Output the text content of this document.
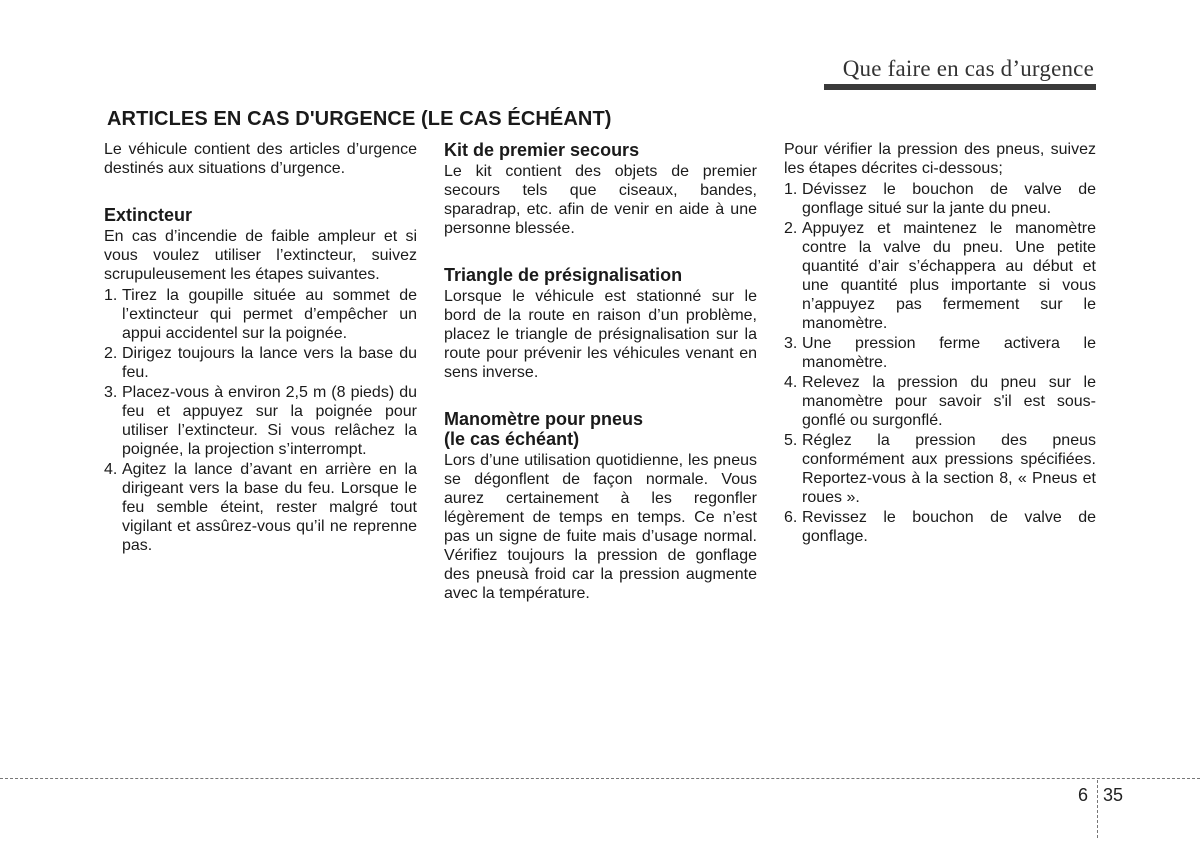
Que faire en cas d’urgence
ARTICLES EN CAS D'URGENCE (LE CAS ÉCHÉANT)

Le véhicule contient des articles d’urgence destinés aux situations d’urgence.

Extincteur

En cas d’incendie de faible ampleur et si vous voulez utiliser l’extincteur, suivez scrupuleusement les étapes suivantes.

1. Tirez la goupille située au sommet de l’extincteur qui permet d’empêcher un appui accidentel sur la poignée.
2. Dirigez toujours la lance vers la base du feu.
3. Placez-vous à environ 2,5 m (8 pieds) du feu et appuyez sur la poignée pour utiliser l’extincteur. Si vous relâchez la poignée, la projection s’interrompt.
4. Agitez la lance d’avant en arrière en la dirigeant vers la base du feu. Lorsque le feu semble éteint, rester malgré tout vigilant et assûrez-vous qu’il ne reprenne pas.
Kit de premier secours

Le kit contient des objets de premier secours tels que ciseaux, bandes, sparadrap, etc. afin de venir en aide à une personne blessée.

Triangle de présignalisation

Lorsque le véhicule est stationné sur le bord de la route en raison d’un problème, placez le triangle de présignalisation sur la route pour prévenir les véhicules venant en sens inverse.

Manomètre pour pneus
(le cas échéant)

Lors d’une utilisation quotidienne, les pneus se dégonflent de façon normale. Vous aurez certainement à les regonfler légèrement de temps en temps. Ce n’est pas un signe de fuite mais d’usage normal. Vérifiez toujours la pression de gonflage des pneusà froid car la pression augmente avec la température.

Pour vérifier la pression des pneus, suivez les étapes décrites ci-dessous;

1. Dévissez le bouchon de valve de gonflage situé sur la jante du pneu.
2. Appuyez et maintenez le manomètre contre la valve du pneu. Une petite quantité d’air s’échappera au début et une quantité plus importante si vous n’appuyez pas fermement sur le manomètre.
3. Une pression ferme activera le manomètre.
4. Relevez la pression du pneu sur le manomètre pour savoir s'il est sous-gonflé ou surgonflé.
5. Réglez la pression des pneus conformément aux pressions spécifiées. Reportez-vous à la section 8, « Pneus et roues ».
6. Revissez le bouchon de valve de gonflage.
6 35
